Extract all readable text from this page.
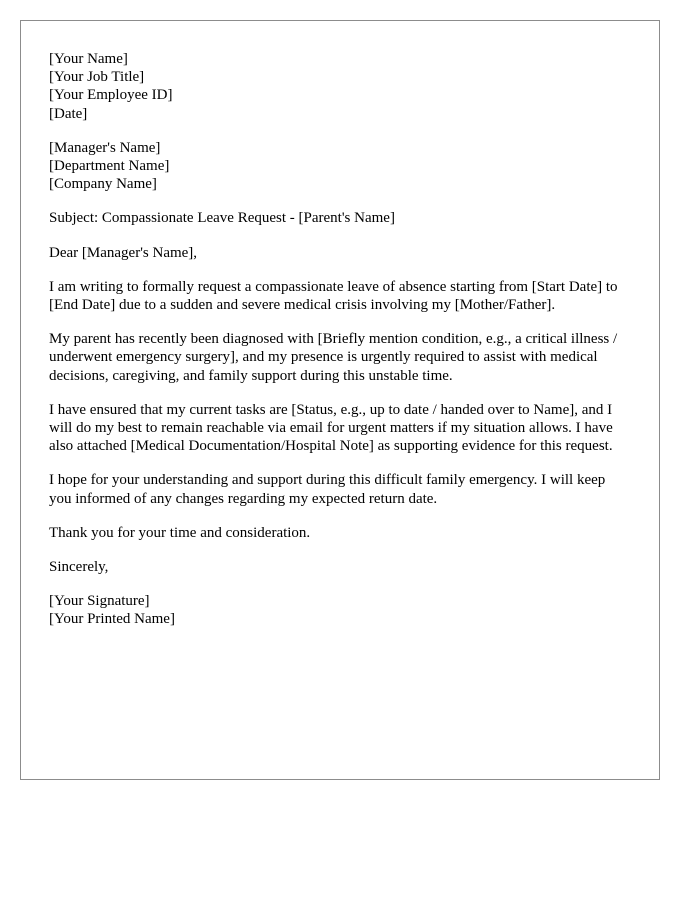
[Your Name]
[Your Job Title]
[Your Employee ID]
[Date]
[Manager's Name]
[Department Name]
[Company Name]

Subject: Compassionate Leave Request - [Parent's Name]

Dear [Manager's Name],

I am writing to formally request a compassionate leave of absence starting from [Start Date] to [End Date] due to a sudden and severe medical crisis involving my [Mother/Father].

My parent has recently been diagnosed with [Briefly mention condition, e.g., a critical illness / underwent emergency surgery], and my presence is urgently required to assist with medical decisions, caregiving, and family support during this unstable time.

I have ensured that my current tasks are [Status, e.g., up to date / handed over to Name], and I will do my best to remain reachable via email for urgent matters if my situation allows. I have also attached [Medical Documentation/Hospital Note] as supporting evidence for this request.

I hope for your understanding and support during this difficult family emergency. I will keep you informed of any changes regarding my expected return date.

Thank you for your time and consideration.

Sincerely,

[Your Signature]
[Your Printed Name]
